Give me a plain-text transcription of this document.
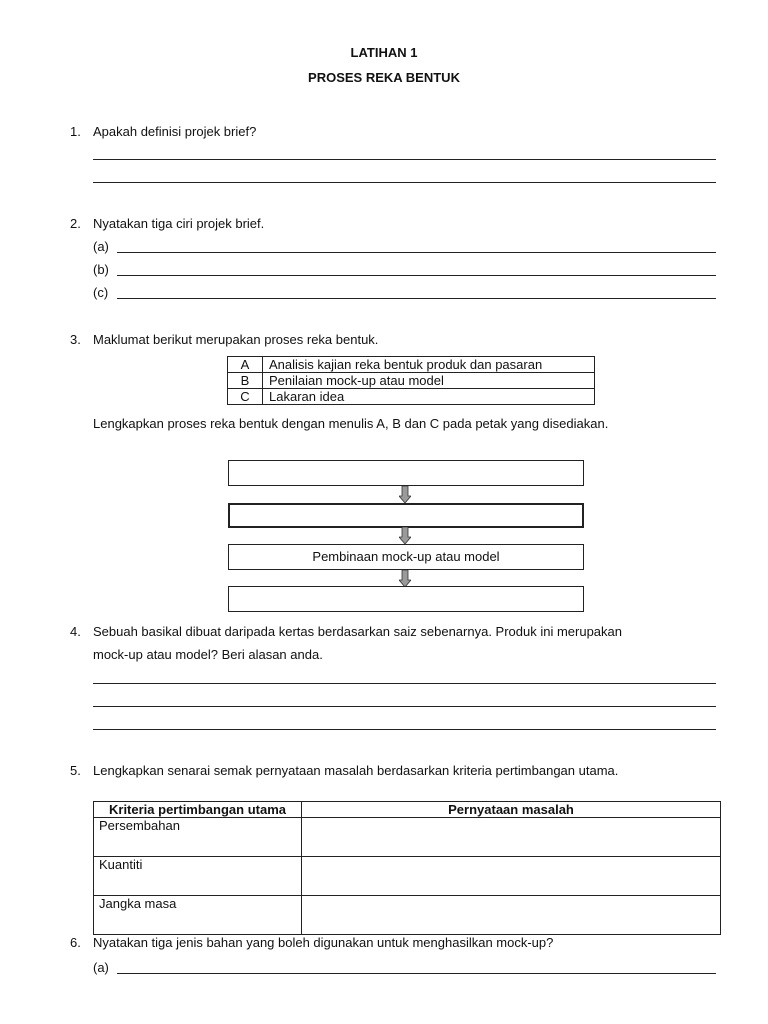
LATIHAN 1
PROSES REKA BENTUK
1. Apakah definisi projek brief?
2. Nyatakan tiga ciri projek brief.
(a)
(b)
(c)
3. Maklumat berikut merupakan proses reka bentuk.
A	Analisis kajian reka bentuk produk dan pasaran
B	Penilaian mock-up atau model
C	Lakaran idea
Lengkapkan proses reka bentuk dengan menulis A, B dan C pada petak yang disediakan.
Pembinaan mock-up atau model
4. Sebuah basikal dibuat daripada kertas berdasarkan saiz sebenarnya. Produk ini merupakan
mock-up atau model? Beri alasan anda.
5. Lengkapkan senarai semak pernyataan masalah berdasarkan kriteria pertimbangan utama.
Kriteria pertimbangan utama	Pernyataan masalah
Persembahan	
Kuantiti	
Jangka masa	
6. Nyatakan tiga jenis bahan yang boleh digunakan untuk menghasilkan mock-up?
(a)
